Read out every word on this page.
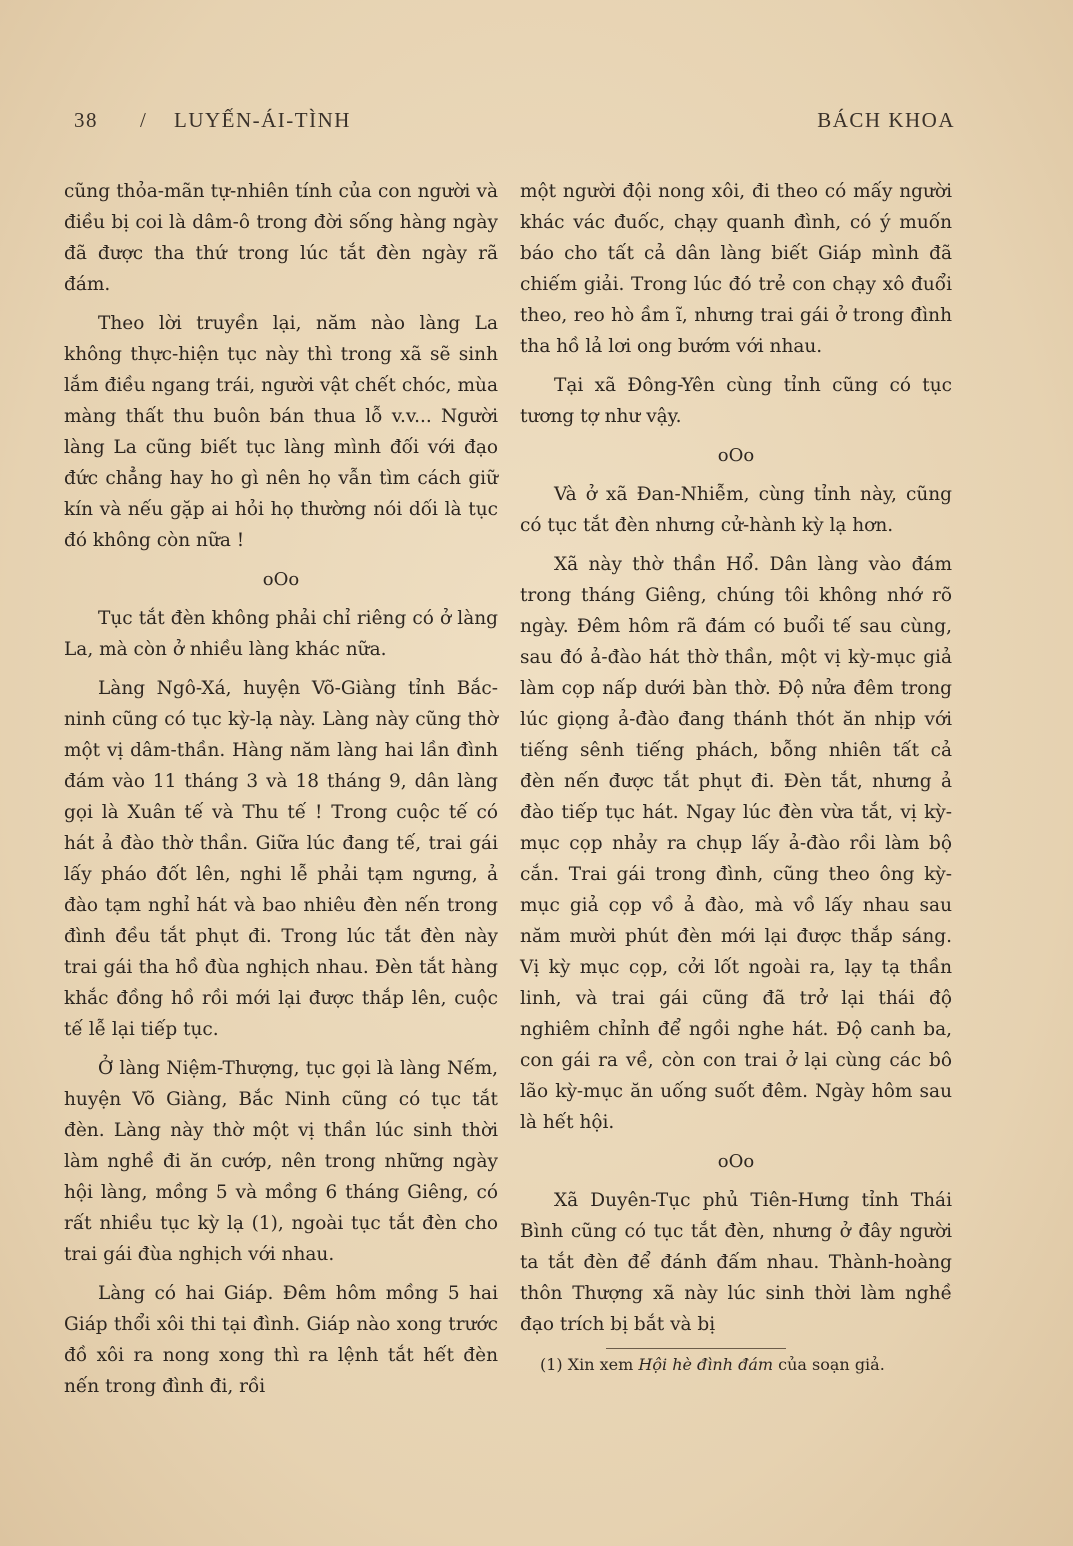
38 / LUYẾN-ÁI-TÌNH	BÁCH KHOA

cũng thỏa-mãn tự-nhiên tính của con người và điều bị coi là dâm-ô trong đời sống hàng ngày đã được tha thứ trong lúc tắt đèn ngày rã đám.

Theo lời truyền lại, năm nào làng La không thực-hiện tục này thì trong xã sẽ sinh lắm điều ngang trái, người vật chết chóc, mùa màng thất thu buôn bán thua lỗ v.v... Người làng La cũng biết tục làng mình đối với đạo đức chẳng hay ho gì nên họ vẫn tìm cách giữ kín và nếu gặp ai hỏi họ thường nói dối là tục đó không còn nữa !

oOo

Tục tắt đèn không phải chỉ riêng có ở làng La, mà còn ở nhiều làng khác nữa.

Làng Ngô-Xá, huyện Võ-Giàng tỉnh Bắc-ninh cũng có tục kỳ-lạ này. Làng này cũng thờ một vị dâm-thần. Hàng năm làng hai lần đình đám vào 11 tháng 3 và 18 tháng 9, dân làng gọi là Xuân tế và Thu tế ! Trong cuộc tế có hát ả đào thờ thần. Giữa lúc đang tế, trai gái lấy pháo đốt lên, nghi lễ phải tạm ngưng, ả đào tạm nghỉ hát và bao nhiêu đèn nến trong đình đều tắt phụt đi. Trong lúc tắt đèn này trai gái tha hồ đùa nghịch nhau. Đèn tắt hàng khắc đồng hồ rồi mới lại được thắp lên, cuộc tế lễ lại tiếp tục.

Ở làng Niệm-Thượng, tục gọi là làng Nếm, huyện Võ Giàng, Bắc Ninh cũng có tục tắt đèn. Làng này thờ một vị thần lúc sinh thời làm nghề đi ăn cướp, nên trong những ngày hội làng, mồng 5 và mồng 6 tháng Giêng, có rất nhiều tục kỳ lạ (1), ngoài tục tắt đèn cho trai gái đùa nghịch với nhau.

Làng có hai Giáp. Đêm hôm mồng 5 hai Giáp thổi xôi thi tại đình. Giáp nào xong trước đồ xôi ra nong xong thì ra lệnh tắt hết đèn nến trong đình đi, rồi

một người đội nong xôi, đi theo có mấy người khác vác đuốc, chạy quanh đình, có ý muốn báo cho tất cả dân làng biết Giáp mình đã chiếm giải. Trong lúc đó trẻ con chạy xô đuổi theo, reo hò ầm ĩ, nhưng trai gái ở trong đình tha hồ lả lơi ong bướm với nhau.

Tại xã Đông-Yên cùng tỉnh cũng có tục tương tợ như vậy.

oOo

Và ở xã Đan-Nhiễm, cùng tỉnh này, cũng có tục tắt đèn nhưng cử-hành kỳ lạ hơn.

Xã này thờ thần Hổ. Dân làng vào đám trong tháng Giêng, chúng tôi không nhớ rõ ngày. Đêm hôm rã đám có buổi tế sau cùng, sau đó ả-đào hát thờ thần, một vị kỳ-mục giả làm cọp nấp dưới bàn thờ. Độ nửa đêm trong lúc giọng ả-đào đang thánh thót ăn nhịp với tiếng sênh tiếng phách, bỗng nhiên tất cả đèn nến được tắt phụt đi. Đèn tắt, nhưng ả đào tiếp tục hát. Ngay lúc đèn vừa tắt, vị kỳ-mục cọp nhảy ra chụp lấy ả-đào rồi làm bộ cắn. Trai gái trong đình, cũng theo ông kỳ-mục giả cọp vồ ả đào, mà vồ lấy nhau sau năm mười phút đèn mới lại được thắp sáng. Vị kỳ mục cọp, cởi lốt ngoài ra, lạy tạ thần linh, và trai gái cũng đã trở lại thái độ nghiêm chỉnh để ngồi nghe hát. Độ canh ba, con gái ra về, còn con trai ở lại cùng các bô lão kỳ-mục ăn uống suốt đêm. Ngày hôm sau là hết hội.

oOo

Xã Duyên-Tục phủ Tiên-Hưng tỉnh Thái Bình cũng có tục tắt đèn, nhưng ở đây người ta tắt đèn để đánh đấm nhau. Thành-hoàng thôn Thượng xã này lúc sinh thời làm nghề đạo trích bị bắt và bị

(1) Xin xem Hội hè đình đám của soạn giả.
